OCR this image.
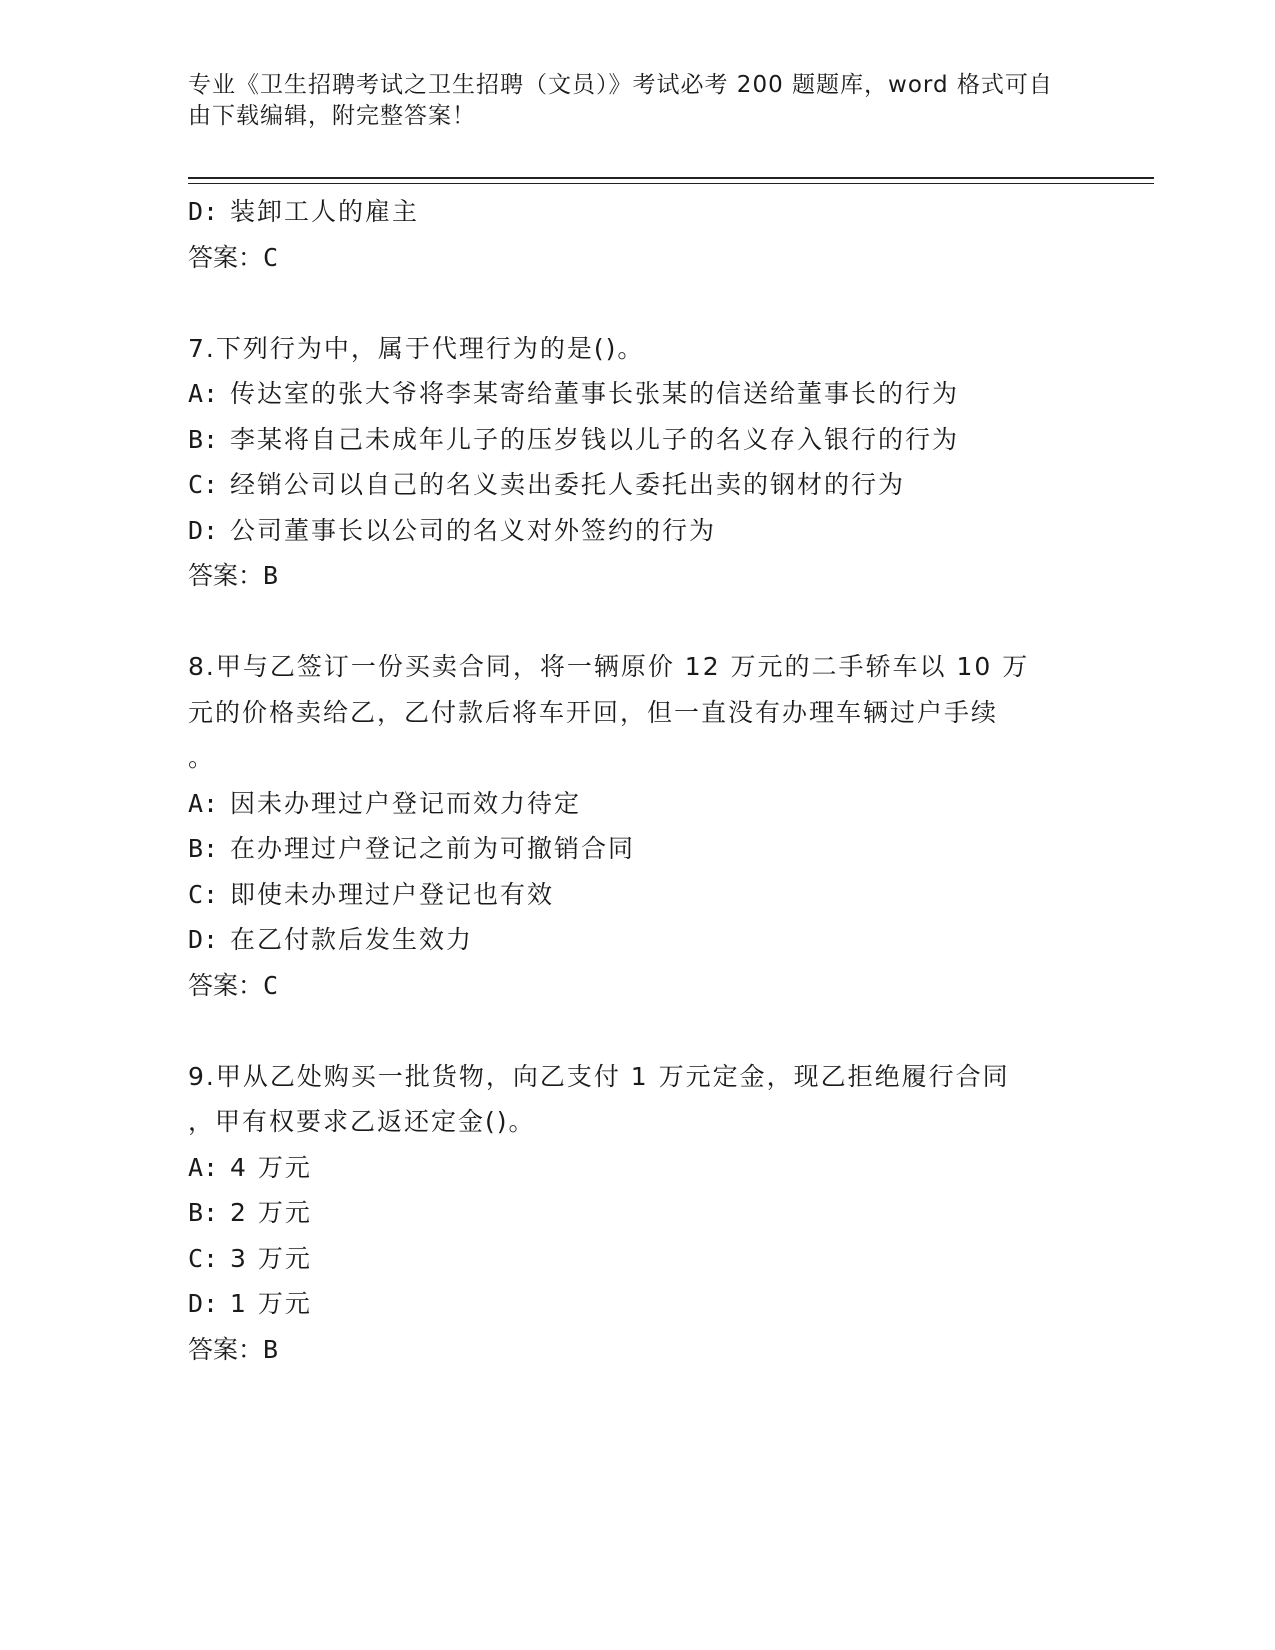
专业《卫生招聘考试之卫生招聘（文员）》考试必考 200 题题库，word 格式可自
由下载编辑，附完整答案！
D: 装卸工人的雇主
答案：C
7.下列行为中，属于代理行为的是()。
A: 传达室的张大爷将李某寄给董事长张某的信送给董事长的行为
B: 李某将自己未成年儿子的压岁钱以儿子的名义存入银行的行为
C: 经销公司以自己的名义卖出委托人委托出卖的钢材的行为
D: 公司董事长以公司的名义对外签约的行为
答案：B
8.甲与乙签订一份买卖合同，将一辆原价 12 万元的二手轿车以 10 万
元的价格卖给乙，乙付款后将车开回，但一直没有办理车辆过户手续
。
A: 因未办理过户登记而效力待定
B: 在办理过户登记之前为可撤销合同
C: 即使未办理过户登记也有效
D: 在乙付款后发生效力
答案：C
9.甲从乙处购买一批货物，向乙支付 1 万元定金，现乙拒绝履行合同
，甲有权要求乙返还定金()。
A: 4 万元
B: 2 万元
C: 3 万元
D: 1 万元
答案：B
